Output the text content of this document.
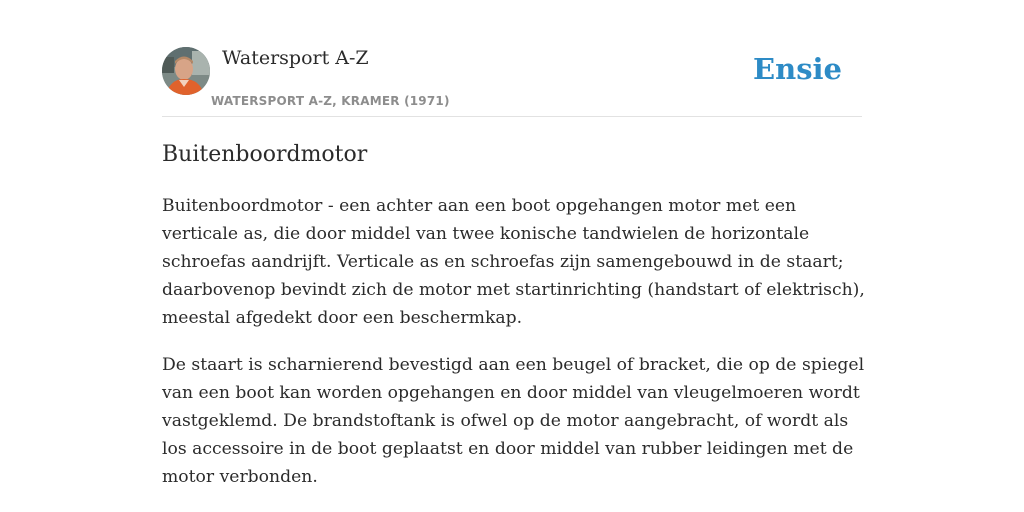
Watersport A-Z
WATERSPORT A-Z, KRAMER (1971)
Ensie
Buitenboordmotor

Buitenboordmotor - een achter aan een boot opgehangen motor met een verticale as, die door middel van twee konische tandwielen de horizontale schroefas aandrijft. Verticale as en schroefas zijn samengebouwd in de staart; daarbovenop bevindt zich de motor met startinrichting (handstart of elektrisch), meestal afgedekt door een beschermkap.

De staart is scharnierend bevestigd aan een beugel of bracket, die op de spiegel van een boot kan worden opgehangen en door middel van vleugelmoeren wordt vastgeklemd. De brandstoftank is ofwel op de motor aangebracht, of wordt als los accessoire in de boot geplaatst en door middel van rubber leidingen met de motor verbonden.
